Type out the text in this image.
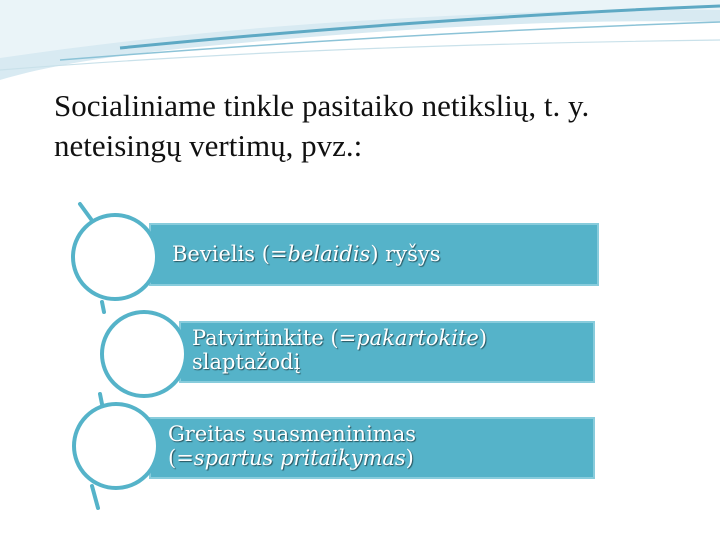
Socialiniame tinkle pasitaiko netikslių, t. y. neteisingų vertimų, pvz.:
Bevielis (=belaidis) ryšys
Patvirtinkite (=pakartokite)
slaptažodį
Greitas suasmeninimas
(=spartus pritaikymas)
